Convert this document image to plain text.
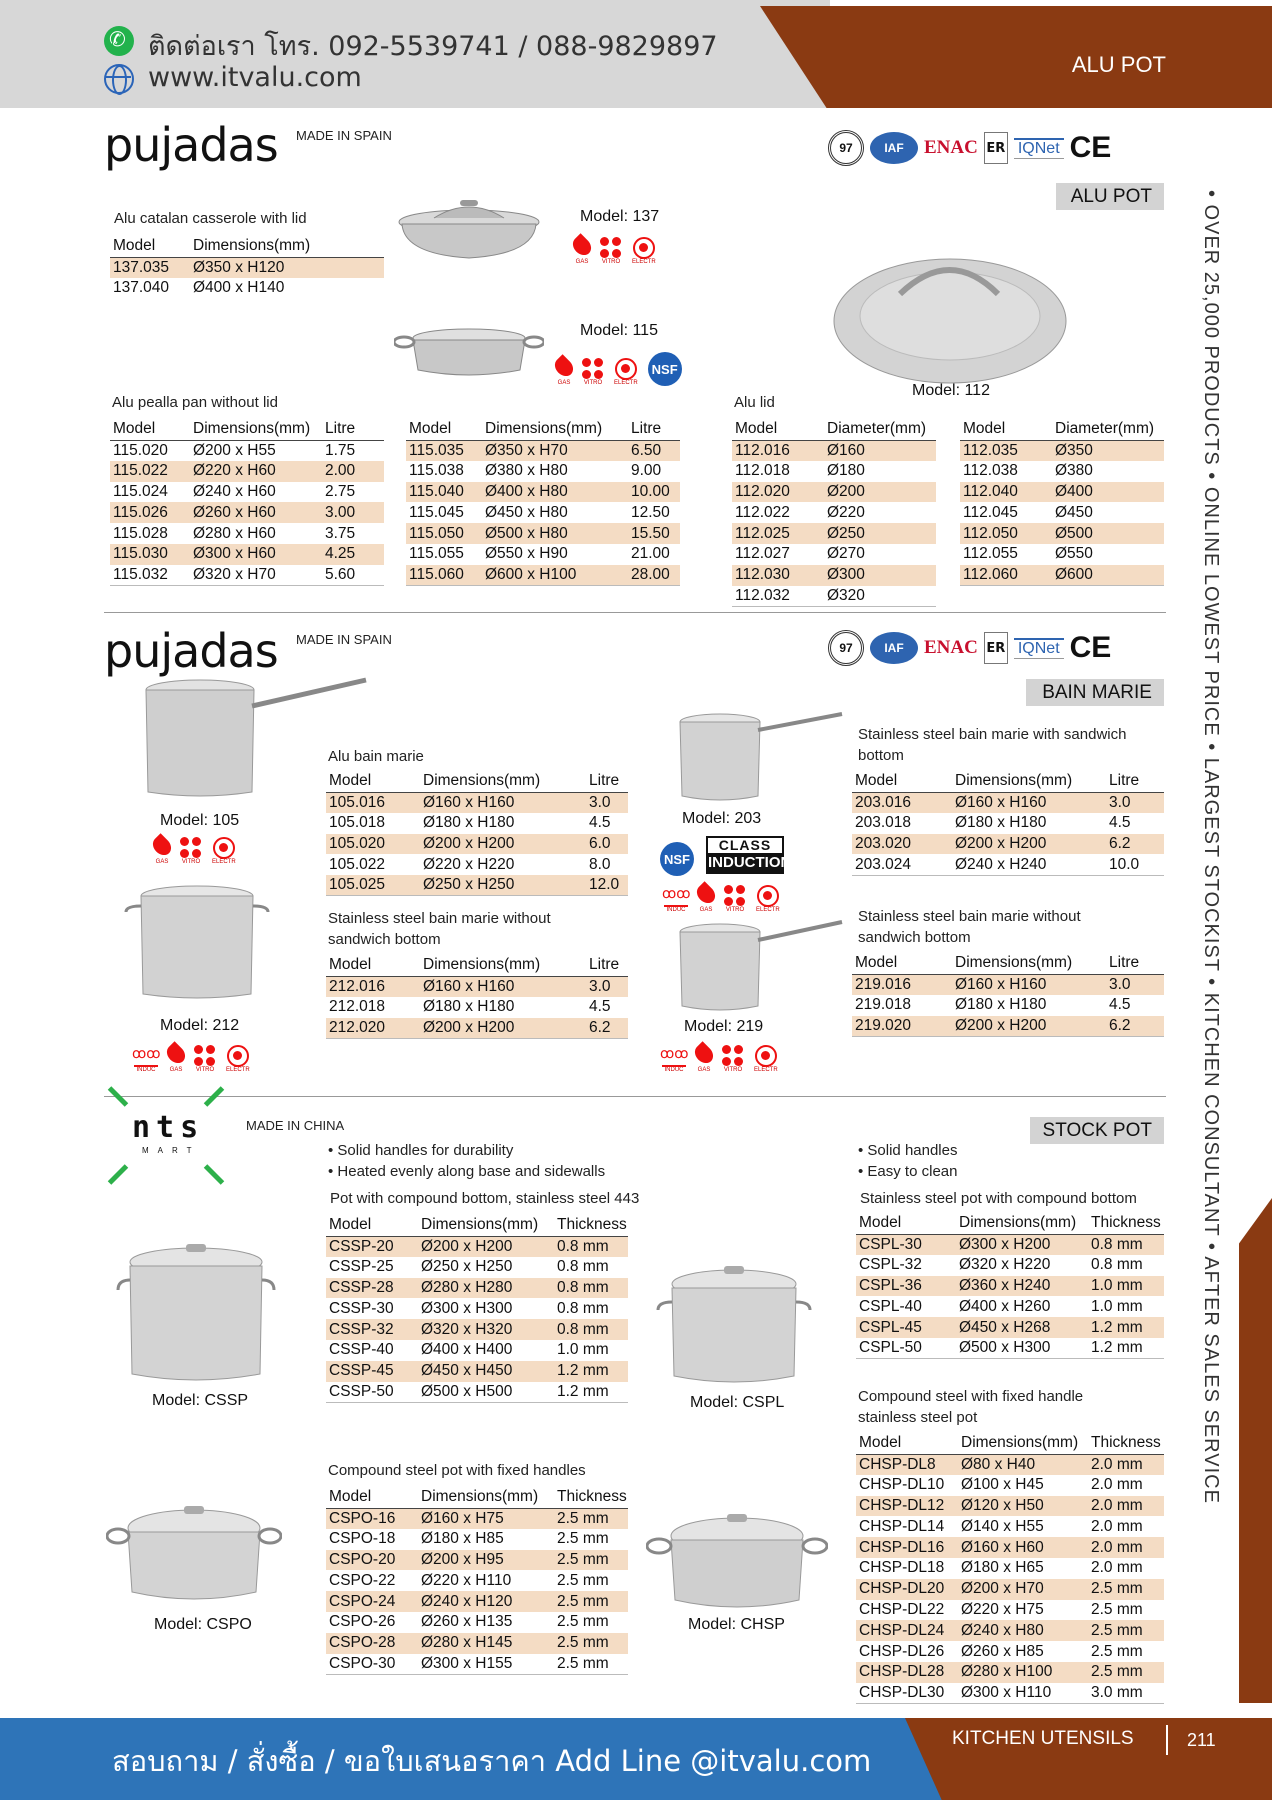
ALU POT
✆
ติดต่อเรา โทร. 092-5539741 / 088-9829897
www.itvalu.com
• OVER 25,000 PRODUCTS • ONLINE LOWEST PRICE • LARGEST STOCKIST • KITCHEN CONSULTANT • AFTER SALES SERVICE
pujadas MADE IN SPAIN
97	IAF	ENAC ER IQNet CE
ALU POT
Alu catalan casserole with lid
Model	Dimensions(mm)
137.035	Ø350 x H120
137.040	Ø400 x H140
Model: 137
GAS VITRO ELECTR
Model: 115
GAS VITRO ELECTR
NSF
Model: 112
Alu pealla pan without lid
Model	Dimensions(mm)	Litre
115.020	Ø200 x H55	1.75
115.022	Ø220 x H60	2.00
115.024	Ø240 x H60	2.75
115.026	Ø260 x H60	3.00
115.028	Ø280 x H60	3.75
115.030	Ø300 x H60	4.25
115.032	Ø320 x H70	5.60
Model	Dimensions(mm)	Litre
115.035	Ø350 x H70	6.50
115.038	Ø380 x H80	9.00
115.040	Ø400 x H80	10.00
115.045	Ø450 x H80	12.50
115.050	Ø500 x H80	15.50
115.055	Ø550 x H90	21.00
115.060	Ø600 x H100	28.00
Alu lid
Model	Diameter(mm)
112.016	Ø160
112.018	Ø180
112.020	Ø200
112.022	Ø220
112.025	Ø250
112.027	Ø270
112.030	Ø300
112.032	Ø320
Model	Diameter(mm)
112.035	Ø350
112.038	Ø380
112.040	Ø400
112.045	Ø450
112.050	Ø500
112.055	Ø550
112.060	Ø600
pujadas MADE IN SPAIN
97	IAF	ENAC ER IQNet CE
BAIN MARIE
Model: 105
GAS VITRO ELECTR
Model: 212
ꝏꝏ
INDUC GAS VITRO ELECTR
Alu bain marie
Model	Dimensions(mm)	Litre
105.016	Ø160 x H160	3.0
105.018	Ø180 x H180	4.5
105.020	Ø200 x H200	6.0
105.022	Ø220 x H220	8.0
105.025	Ø250 x H250	12.0
Stainless steel bain marie without
sandwich bottom
Model	Dimensions(mm)	Litre
212.016	Ø160 x H160	3.0
212.018	Ø180 x H180	4.5
212.020	Ø200 x H200	6.2
Model: 203
NSF
CLASS
INDUCTION
ꝏꝏ
INDUC GAS VITRO ELECTR
Model: 219
ꝏꝏ
INDUC GAS VITRO ELECTR
Stainless steel bain marie with sandwich
bottom
Model	Dimensions(mm)	Litre
203.016	Ø160 x H160	3.0
203.018	Ø180 x H180	4.5
203.020	Ø200 x H200	6.2
203.024	Ø240 x H240	10.0
Stainless steel bain marie without
sandwich bottom
Model	Dimensions(mm)	Litre
219.016	Ø160 x H160	3.0
219.018	Ø180 x H180	4.5
219.020	Ø200 x H200	6.2
nts
MART
MADE IN CHINA	STOCK POT
• Solid handles for durability
• Heated evenly along base and sidewalls
Pot with compound bottom, stainless steel 443
Model	Dimensions(mm)	Thickness
CSSP-20	Ø200 x H200	0.8 mm
CSSP-25	Ø250 x H250	0.8 mm
CSSP-28	Ø280 x H280	0.8 mm
CSSP-30	Ø300 x H300	0.8 mm
CSSP-32	Ø320 x H320	0.8 mm
CSSP-40	Ø400 x H400	1.0 mm
CSSP-45	Ø450 x H450	1.2 mm
CSSP-50	Ø500 x H500	1.2 mm
• Solid handles
• Easy to clean
Stainless steel pot with compound bottom
Model	Dimensions(mm)	Thickness
CSPL-30	Ø300 x H200	0.8 mm
CSPL-32	Ø320 x H220	0.8 mm
CSPL-36	Ø360 x H240	1.0 mm
CSPL-40	Ø400 x H260	1.0 mm
CSPL-45	Ø450 x H268	1.2 mm
CSPL-50	Ø500 x H300	1.2 mm
Model: CSSP	Model: CSPL
Compound steel pot with fixed handles
Model	Dimensions(mm)	Thickness
CSPO-16	Ø160 x H75	2.5 mm
CSPO-18	Ø180 x H85	2.5 mm
CSPO-20	Ø200 x H95	2.5 mm
CSPO-22	Ø220 x H110	2.5 mm
CSPO-24	Ø240 x H120	2.5 mm
CSPO-26	Ø260 x H135	2.5 mm
CSPO-28	Ø280 x H145	2.5 mm
CSPO-30	Ø300 x H155	2.5 mm
Model: CSPO
Compound steel with fixed handle
stainless steel pot
Model	Dimensions(mm)	Thickness
CHSP-DL8	Ø80 x H40	2.0 mm
CHSP-DL10	Ø100 x H45	2.0 mm
CHSP-DL12	Ø120 x H50	2.0 mm
CHSP-DL14	Ø140 x H55	2.0 mm
CHSP-DL16	Ø160 x H60	2.0 mm
CHSP-DL18	Ø180 x H65	2.0 mm
CHSP-DL20	Ø200 x H70	2.5 mm
CHSP-DL22	Ø220 x H75	2.5 mm
CHSP-DL24	Ø240 x H80	2.5 mm
CHSP-DL26	Ø260 x H85	2.5 mm
CHSP-DL28	Ø280 x H100	2.5 mm
CHSP-DL30	Ø300 x H110	3.0 mm
Model: CHSP
สอบถาม / สั่งซื้อ / ขอใบเสนอราคา Add Line @itvalu.com
KITCHEN UTENSILS	211
